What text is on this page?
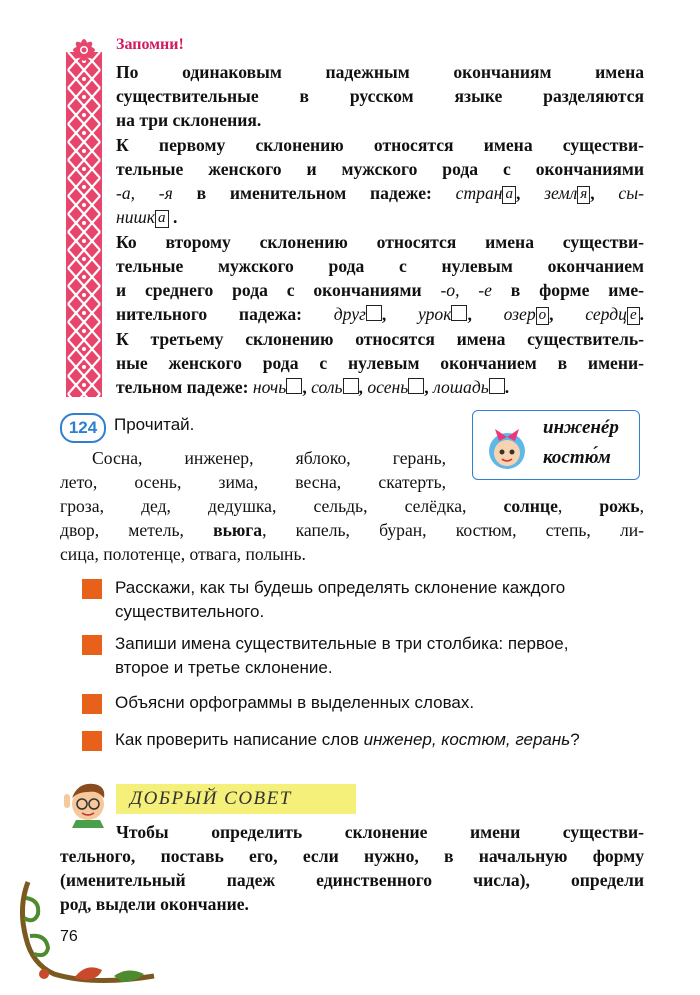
Запомни!
По одинаковым падежным окончаниям имена
существительные в русском языке разделяются
на три склонения.
К первому склонению относятся имена существи-
тельные женского и мужского рода с окончаниями
-а, -я в именительном падеже: стран а , земл я , сы-
нишк а .
Ко второму склонению относятся имена существи-
тельные мужского рода с нулевым окончанием
и среднего рода с окончаниями -о, -е в форме име-
нительного падежа: друг , урок , озер о , сердц е .
К третьему склонению относятся имена существитель-
ные женского рода с нулевым окончанием в имени-
тельном падеже: ночь , соль , осень , лошадь .
124 Прочитай.	инженéр
костю́м
Сосна, инженер, яблоко, герань,
лето, осень, зима, весна, скатерть,
гроза, дед, дедушка, сельдь, селёдка, солнце, рожь,
двор, метель, вьюга, капель, буран, костюм, степь, ли-
сица, полотенце, отвага, полынь.
Расскажи, как ты будешь определять склонение каждого
существительного.
Запиши имена существительные в три столбика: первое,
второе и третье склонение.
Объясни орфограммы в выделенных словах.
Как проверить написание слов инженер, костюм, герань?
ДОБРЫЙ СОВЕТ
Чтобы определить склонение имени существи-
тельного, поставь его, если нужно, в начальную форму
(именительный падеж единственного числа), определи
род, выдели окончание.
76
